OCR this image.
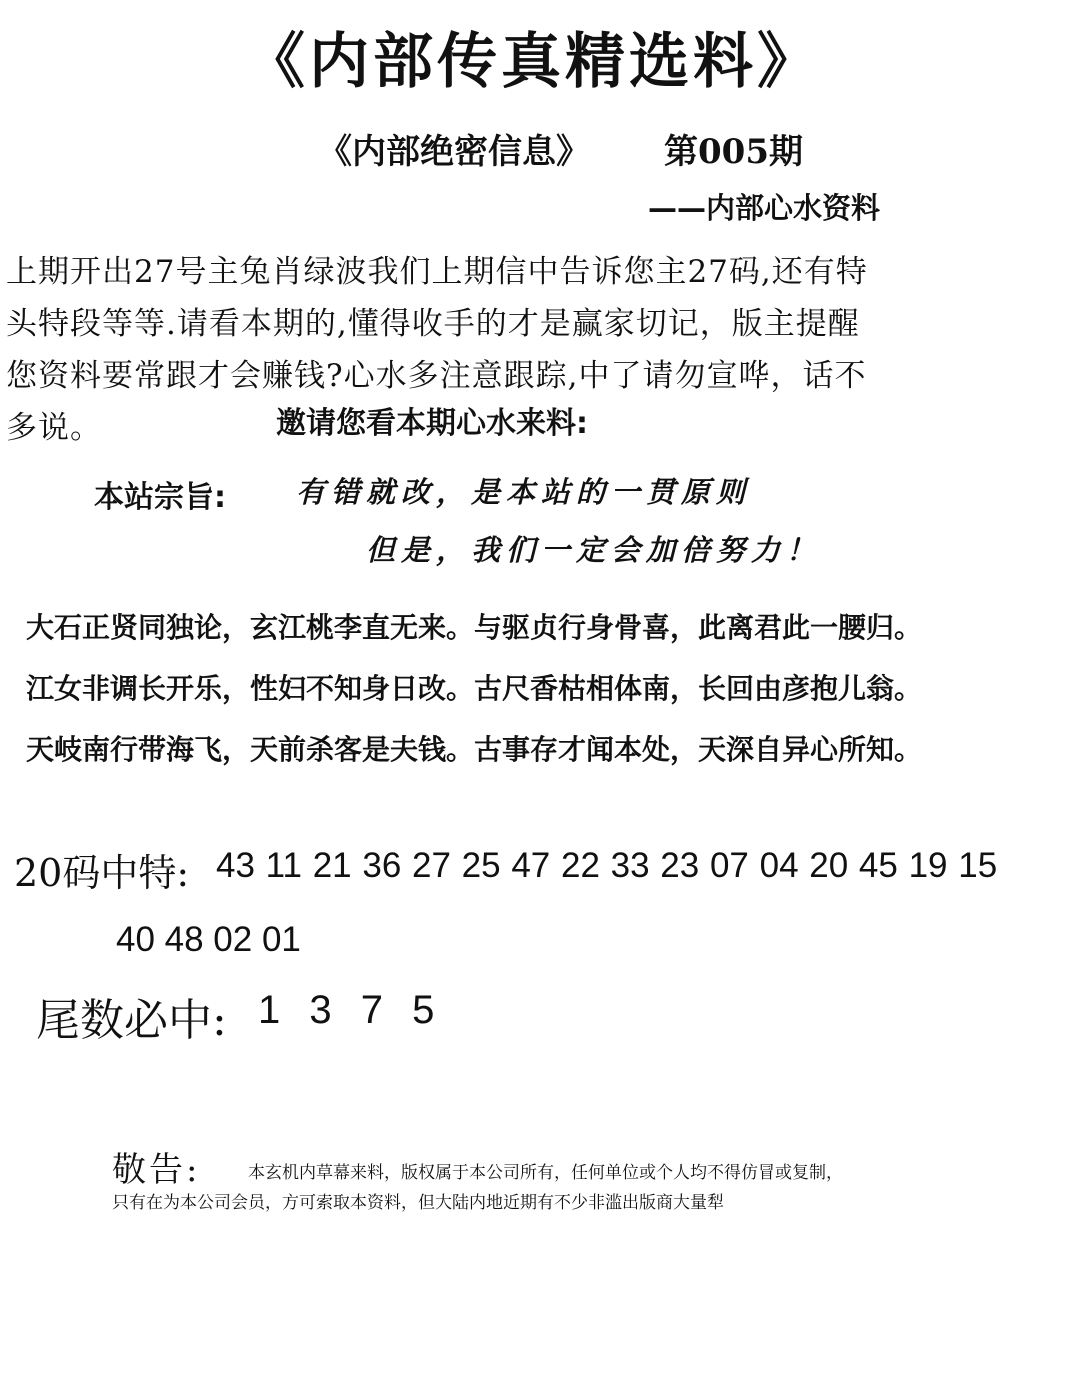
《内部传真精选料》
《内部绝密信息》 第005期
——内部心水资料
上期开出27号主兔肖绿波我们上期信中告诉您主27码,还有特
头特段等等.请看本期的,懂得收手的才是赢家切记，版主提醒
您资料要常跟才会赚钱?心水多注意跟踪,中了请勿宣哗，话不
多说。	邀请您看本期心水来料:
本站宗旨: 有错就改，是本站的一贯原则
但是，我们一定会加倍努力！
大石正贤同独论，玄江桃李直无来。与驱贞行身骨喜，此离君此一腰归。
江女非调长开乐，性妇不知身日改。古尺香枯相体南，长回由彦抱儿翁。
天岐南行带海飞，天前杀客是夫钱。古事存才闻本处，天深自异心所知。
20码中特: 43 11 21 36 27 25 47 22 33 23 07 04 20 45 19 15
40 48 02 01
尾数必中: 1 3 7 5
敬告:	本玄机内草幕来料，版权属于本公司所有，任何单位或个人均不得仿冒或复制，
只有在为本公司会员，方可索取本资料，但大陆内地近期有不少非滥出版商大量犁
